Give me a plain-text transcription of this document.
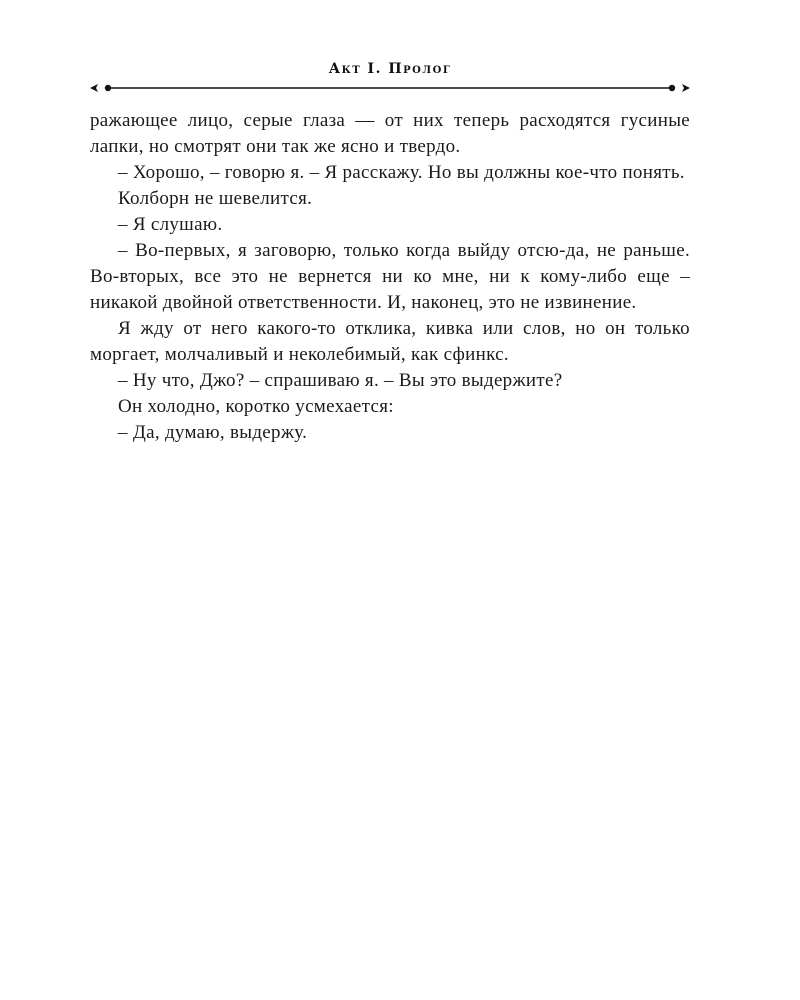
Акт I. Пролог

ражающее лицо, серые глаза — от них теперь расходятся гусиные лапки, но смотрят они так же ясно и твердо.

– Хорошо, – говорю я. – Я расскажу. Но вы должны кое-что понять.

Колборн не шевелится.

– Я слушаю.

– Во-первых, я заговорю, только когда выйду отсю-да, не раньше. Во-вторых, все это не вернется ни ко мне, ни к кому-либо еще – никакой двойной ответственности. И, наконец, это не извинение.

Я жду от него какого-то отклика, кивка или слов, но он только моргает, молчаливый и неколебимый, как сфинкс.

– Ну что, Джо? – спрашиваю я. – Вы это выдержите?

Он холодно, коротко усмехается:

– Да, думаю, выдержу.
